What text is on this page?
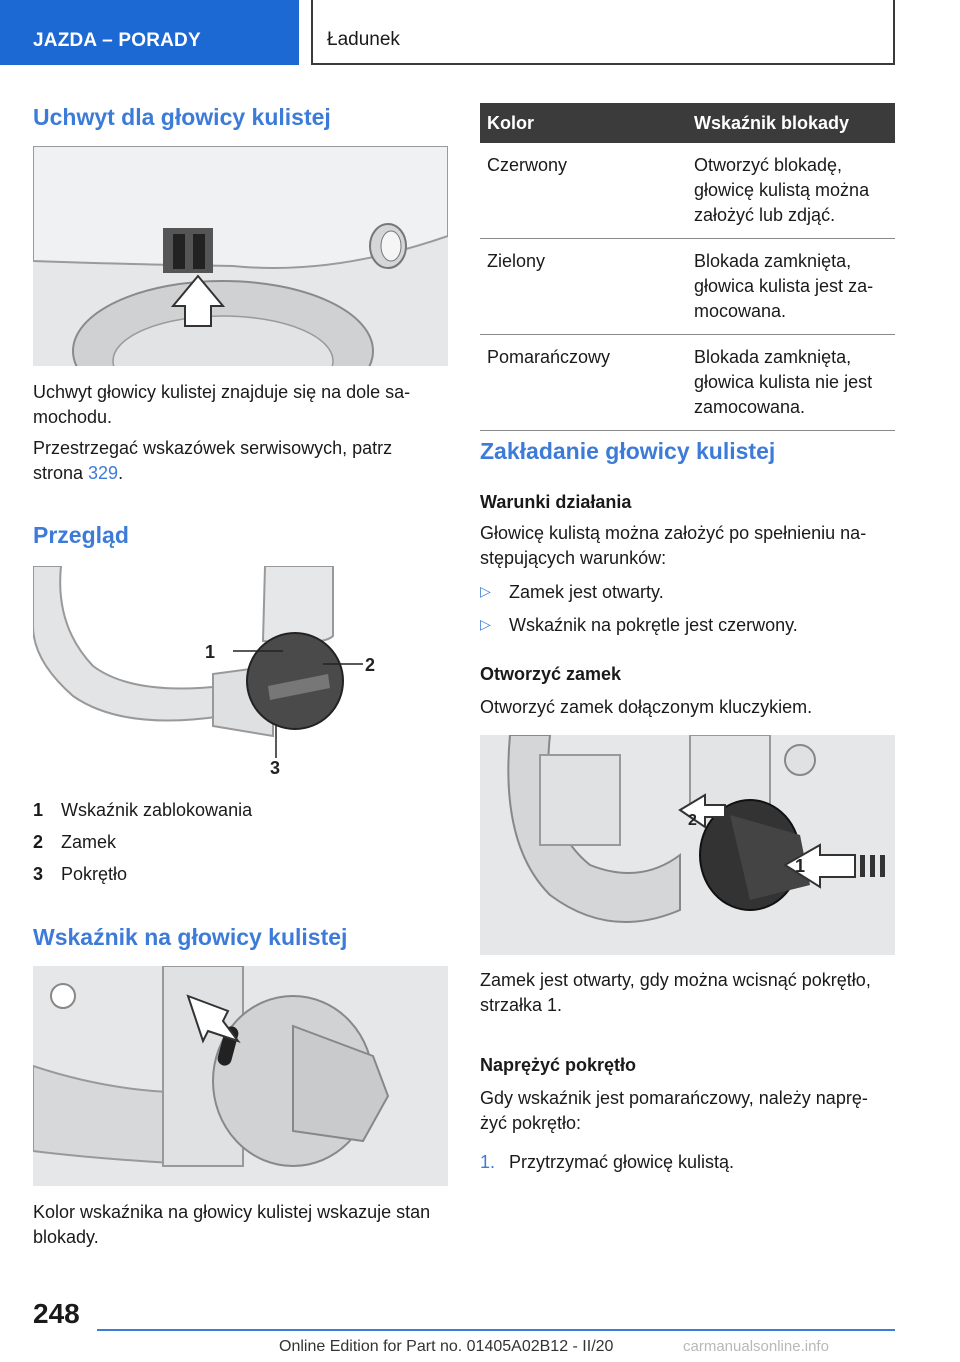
JAZDA – PORADY	Ładunek
Uchwyt dla głowicy kulistej

Uchwyt głowicy kulistej znajduje się na dole sa-
mochodu.

Przestrzegać wskazówek serwisowych, patrz
strona 329.

Przegląd
1
2
3
1 Wskaźnik zablokowania
2 Zamek
3 Pokrętło
Wskaźnik na głowicy kulistej

Kolor wskaźnika na głowicy kulistej wskazuje stan
blokady.

Kolor	Wskaźnik blokady
Czerwony	Otworzyć blokadę,
głowicę kulistą można
założyć lub zdjąć.
Zielony	Blokada zamknięta,
głowica kulista jest za-
mocowana.
Pomarańczowy	Blokada zamknięta,
głowica kulista nie jest
zamocowana.
Zakładanie głowicy kulistej
Warunki działania

Głowicę kulistą można założyć po spełnieniu na-
stępujących warunków:

▷ Zamek jest otwarty.
▷ Wskaźnik na pokrętle jest czerwony.
Otworzyć zamek

Otworzyć zamek dołączonym kluczykiem.

1
2

Zamek jest otwarty, gdy można wcisnąć pokrętło,
strzałka 1.

Naprężyć pokrętło

Gdy wskaźnik jest pomarańczowy, należy naprę-
żyć pokrętło:

1. Przytrzymać głowicę kulistą.
248
Online Edition for Part no. 01405A02B12 - II/20	carmanualsonline.info
